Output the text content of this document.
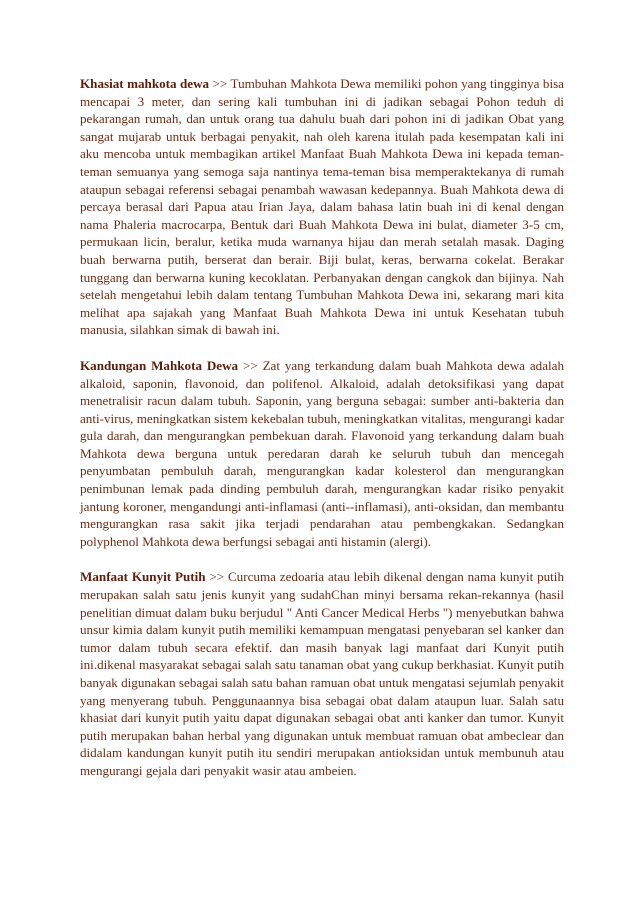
Khasiat mahkota dewa >> Tumbuhan Mahkota Dewa memiliki pohon yang tingginya bisa mencapai 3 meter, dan sering kali tumbuhan ini di jadikan sebagai Pohon teduh di pekarangan rumah, dan untuk orang tua dahulu buah dari pohon ini di jadikan Obat yang sangat mujarab untuk berbagai penyakit, nah oleh karena itulah pada kesempatan kali ini aku mencoba untuk membagikan artikel Manfaat Buah Mahkota Dewa ini kepada teman-teman semuanya yang semoga saja nantinya tema-teman bisa memperaktekanya di rumah ataupun sebagai referensi sebagai penambah wawasan kedepannya. Buah Mahkota dewa di percaya berasal dari Papua atau Irian Jaya, dalam bahasa latin buah ini di kenal dengan nama Phaleria macrocarpa, Bentuk dari Buah Mahkota Dewa ini bulat, diameter 3-5 cm, permukaan licin, beralur, ketika muda warnanya hijau dan merah setalah masak. Daging buah berwarna putih, berserat dan berair. Biji bulat, keras, berwarna cokelat. Berakar tunggang dan berwarna kuning kecoklatan. Perbanyakan dengan cangkok dan bijinya. Nah setelah mengetahui lebih dalam tentang Tumbuhan Mahkota Dewa ini, sekarang mari kita melihat apa sajakah yang Manfaat Buah Mahkota Dewa ini untuk Kesehatan tubuh manusia, silahkan simak di bawah ini.

Kandungan Mahkota Dewa >> Zat yang terkandung dalam buah Mahkota dewa adalah alkaloid, saponin, flavonoid, dan polifenol. Alkaloid, adalah detoksifikasi yang dapat menetralisir racun dalam tubuh. Saponin, yang berguna sebagai: sumber anti-bakteria dan anti-virus, meningkatkan sistem kekebalan tubuh, meningkatkan vitalitas, mengurangi kadar gula darah, dan mengurangkan pembekuan darah. Flavonoid yang terkandung dalam buah Mahkota dewa berguna untuk peredaran darah ke seluruh tubuh dan mencegah penyumbatan pembuluh darah, mengurangkan kadar kolesterol dan mengurangkan penimbunan lemak pada dinding pembuluh darah, mengurangkan kadar risiko penyakit jantung koroner, mengandungi anti-inflamasi (anti--inflamasi), anti-oksidan, dan membantu mengurangkan rasa sakit jika terjadi pendarahan atau pembengkakan. Sedangkan polyphenol Mahkota dewa berfungsi sebagai anti histamin (alergi).

Manfaat Kunyit Putih >> Curcuma zedoaria atau lebih dikenal dengan nama kunyit putih merupakan salah satu jenis kunyit yang sudahChan minyi bersama rekan-rekannya (hasil penelitian dimuat dalam buku berjudul " Anti Cancer Medical Herbs ") menyebutkan bahwa unsur kimia dalam kunyit putih memiliki kemampuan mengatasi penyebaran sel kanker dan tumor dalam tubuh secara efektif. dan masih banyak lagi manfaat dari Kunyit putih ini.dikenal masyarakat sebagai salah satu tanaman obat yang cukup berkhasiat. Kunyit putih banyak digunakan sebagai salah satu bahan ramuan obat untuk mengatasi sejumlah penyakit yang menyerang tubuh. Penggunaannya bisa sebagai obat dalam ataupun luar. Salah satu khasiat dari kunyit putih yaitu dapat digunakan sebagai obat anti kanker dan tumor. Kunyit putih merupakan bahan herbal yang digunakan untuk membuat ramuan obat ambeclear dan didalam kandungan kunyit putih itu sendiri merupakan antioksidan untuk membunuh atau mengurangi gejala dari penyakit wasir atau ambeien.
